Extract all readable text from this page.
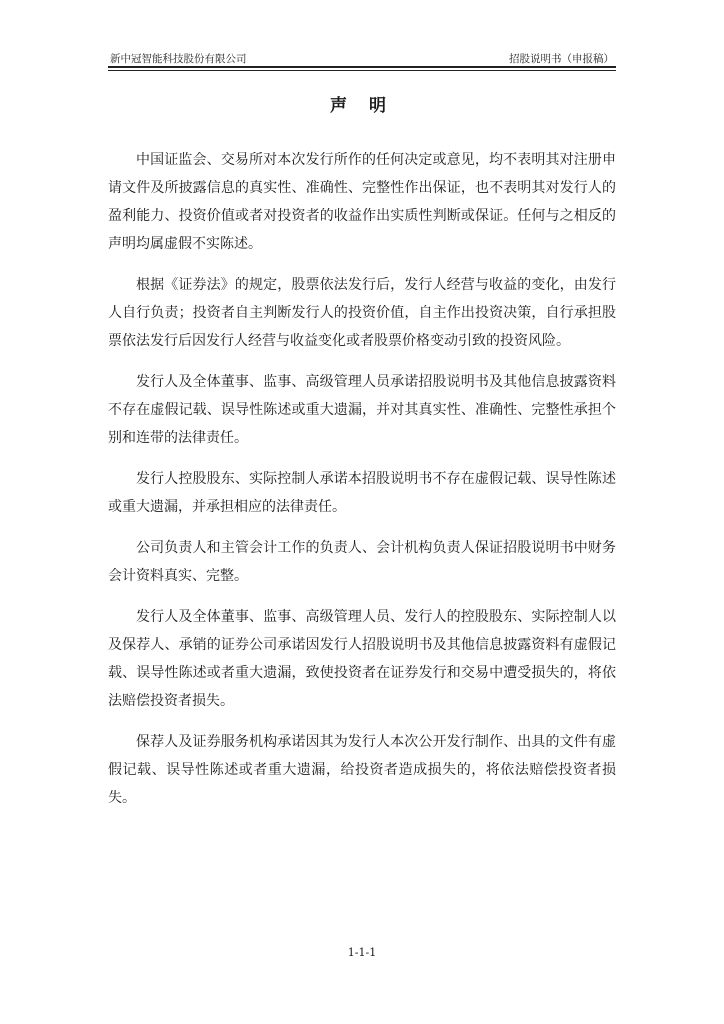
新中冠智能科技股份有限公司	招股说明书（申报稿）
声 明

中国证监会、交易所对本次发行所作的任何决定或意见，均不表明其对注册申请文件及所披露信息的真实性、准确性、完整性作出保证，也不表明其对发行人的盈利能力、投资价值或者对投资者的收益作出实质性判断或保证。任何与之相反的声明均属虚假不实陈述。

根据《证券法》的规定，股票依法发行后，发行人经营与收益的变化，由发行人自行负责；投资者自主判断发行人的投资价值，自主作出投资决策，自行承担股票依法发行后因发行人经营与收益变化或者股票价格变动引致的投资风险。

发行人及全体董事、监事、高级管理人员承诺招股说明书及其他信息披露资料不存在虚假记载、误导性陈述或重大遗漏，并对其真实性、准确性、完整性承担个别和连带的法律责任。

发行人控股股东、实际控制人承诺本招股说明书不存在虚假记载、误导性陈述或重大遗漏，并承担相应的法律责任。

公司负责人和主管会计工作的负责人、会计机构负责人保证招股说明书中财务会计资料真实、完整。

发行人及全体董事、监事、高级管理人员、发行人的控股股东、实际控制人以及保荐人、承销的证券公司承诺因发行人招股说明书及其他信息披露资料有虚假记载、误导性陈述或者重大遗漏，致使投资者在证券发行和交易中遭受损失的，将依法赔偿投资者损失。

保荐人及证券服务机构承诺因其为发行人本次公开发行制作、出具的文件有虚假记载、误导性陈述或者重大遗漏，给投资者造成损失的，将依法赔偿投资者损失。

1-1-1
